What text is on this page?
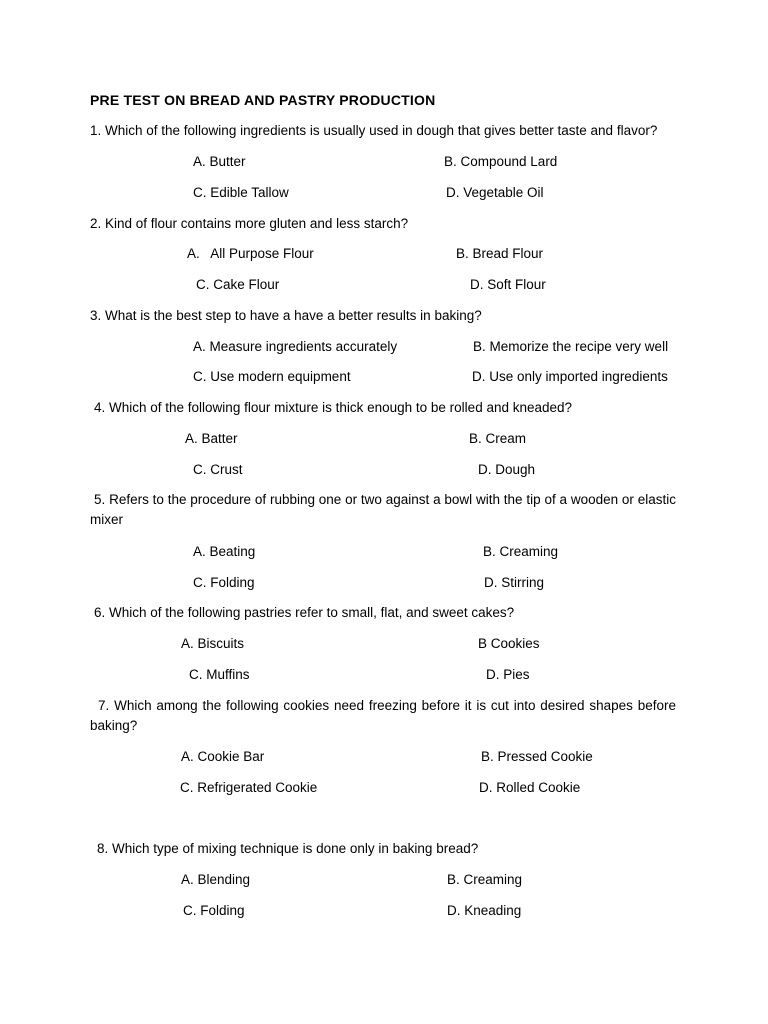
PRE TEST ON BREAD AND PASTRY PRODUCTION
1. Which of the following ingredients is usually used in dough that gives better taste and flavor?
A. Butter	B. Compound Lard
C. Edible Tallow	D. Vegetable Oil
2. Kind of flour contains more gluten and less starch?
A.   All Purpose Flour	B. Bread Flour
C. Cake Flour	D. Soft Flour
3. What is the best step to have a have a better results in baking?
A. Measure ingredients accurately	B. Memorize the recipe very well
C. Use modern equipment	D. Use only imported ingredients
4. Which of the following flour mixture is thick enough to be rolled and kneaded?
A. Batter	B. Cream
C. Crust	D. Dough
5. Refers to the procedure of rubbing one or two against a bowl with the tip of a wooden or elastic mixer
A. Beating	B. Creaming
C. Folding	D. Stirring
6. Which of the following pastries refer to small, flat, and sweet cakes?
A. Biscuits	B Cookies
C. Muffins	D. Pies
7. Which among the following cookies need freezing before it is cut into desired shapes before baking?
A. Cookie Bar	B. Pressed Cookie
C. Refrigerated Cookie	D. Rolled Cookie
8. Which type of mixing technique is done only in baking bread?
A. Blending	B. Creaming
C. Folding	D. Kneading
